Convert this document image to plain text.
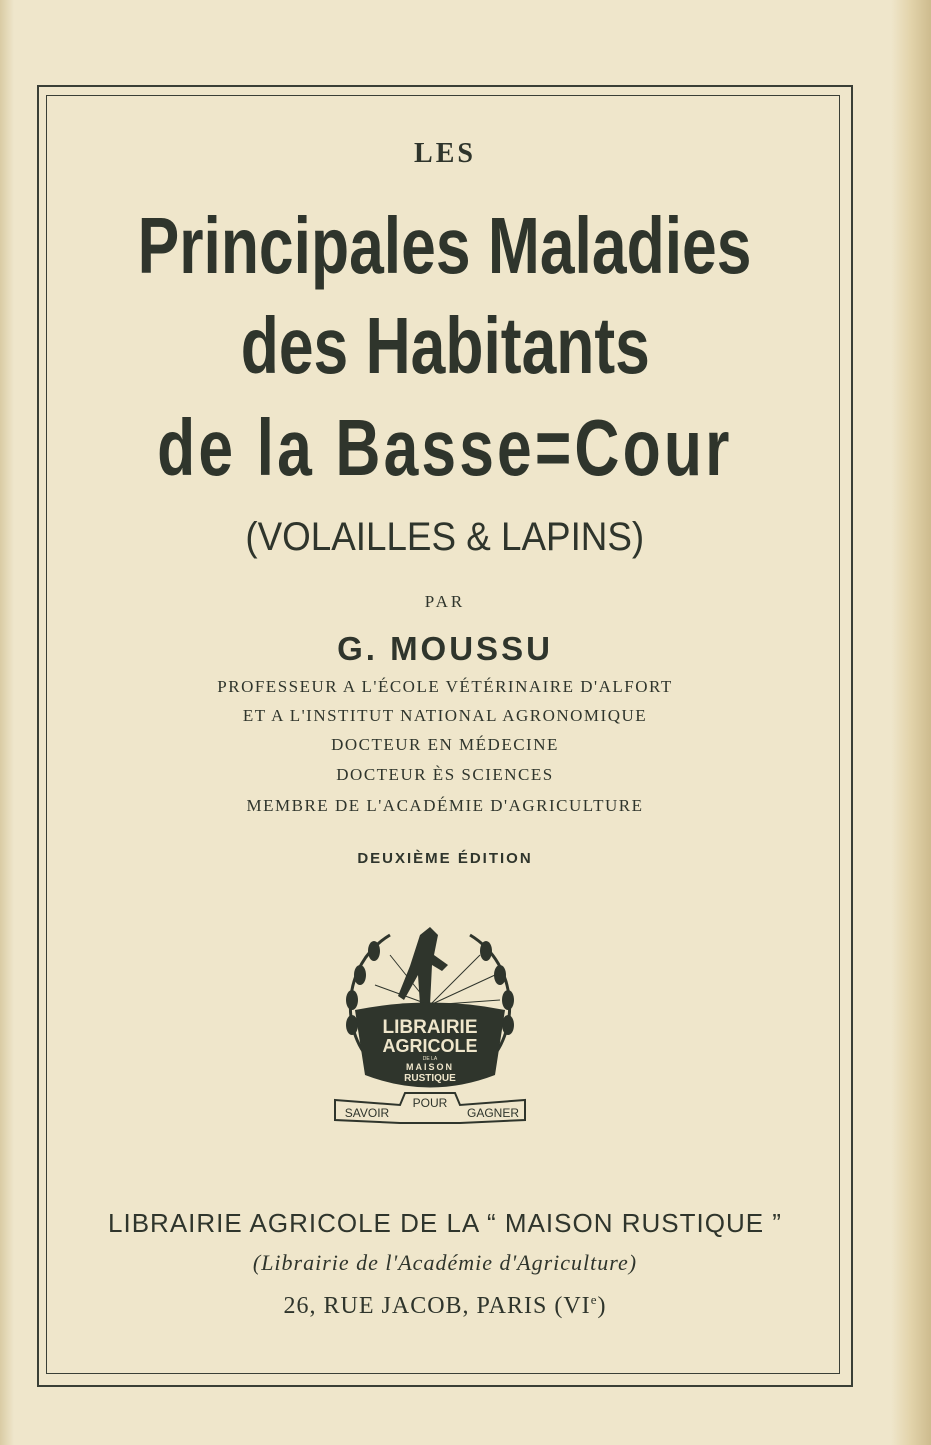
LES
Principales Maladies
des Habitants
de la Basse=Cour
(VOLAILLES & LAPINS)
PAR
G. MOUSSU
PROFESSEUR A L'ÉCOLE VÉTÉRINAIRE D'ALFORT
ET A L'INSTITUT NATIONAL AGRONOMIQUE
DOCTEUR EN MÉDECINE
DOCTEUR ÈS SCIENCES
MEMBRE DE L'ACADÉMIE D'AGRICULTURE
DEUXIÈME ÉDITION
LIBRAIRIE
AGRICOLE
DE LA
MAISON
RUSTIQUE
SAVOIR
POUR
GAGNER
LIBRAIRIE AGRICOLE DE LA “ MAISON RUSTIQUE ”
(Librairie de l'Académie d'Agriculture)
26, RUE JACOB, PARIS (VIe)
